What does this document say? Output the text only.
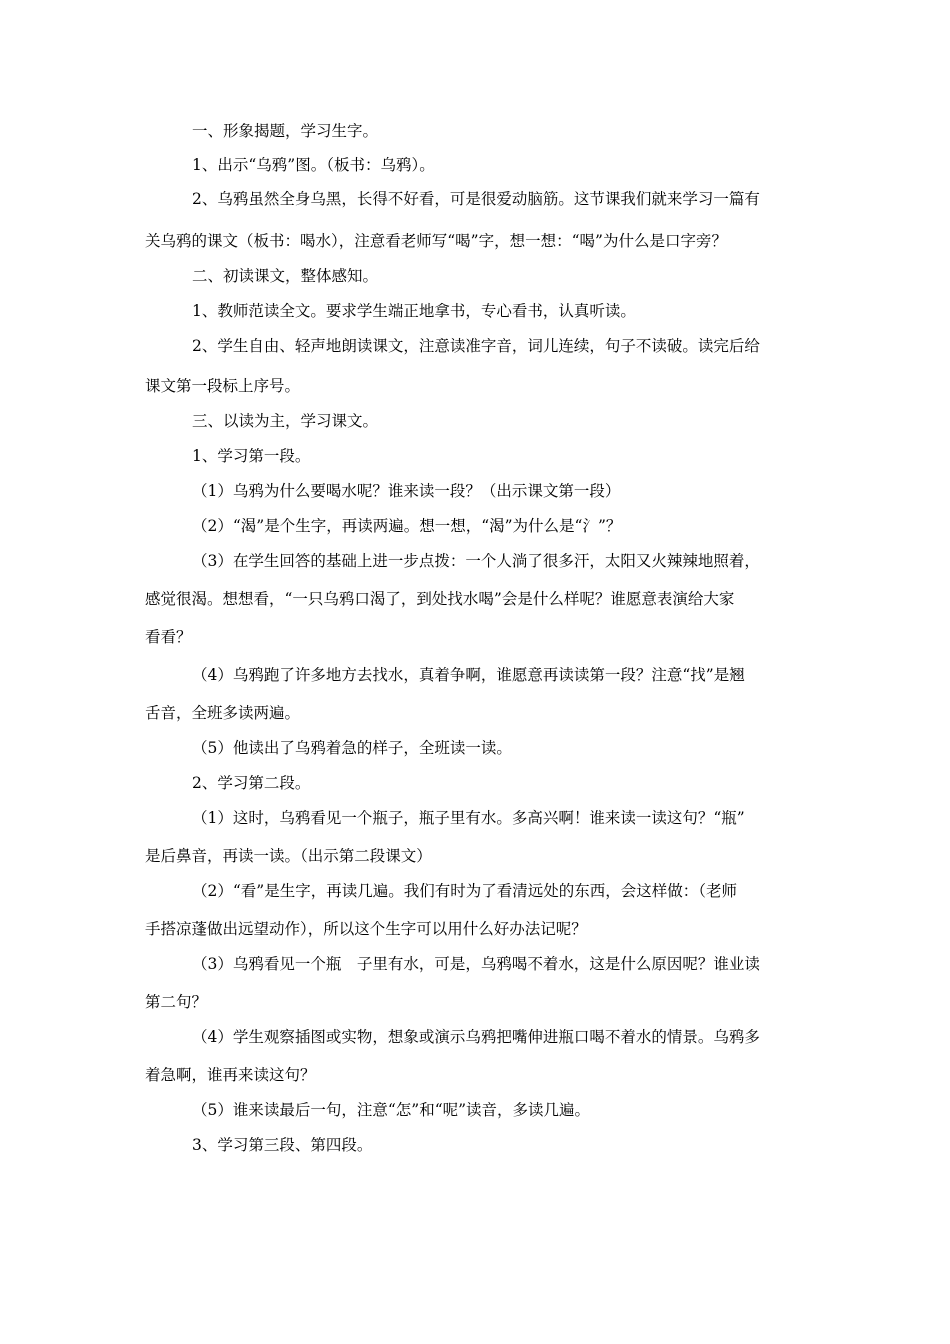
一、形象揭题，学习生字。

1、出示“乌鸦”图。（板书：乌鸦）。

2、乌鸦虽然全身乌黑，长得不好看，可是很爱动脑筋。这节课我们就来学习一篇有

关乌鸦的课文（板书：喝水），注意看老师写“喝”字，想一想：“喝”为什么是口字旁？

二、初读课文，整体感知。

1、教师范读全文。要求学生端正地拿书，专心看书，认真听读。

2、学生自由、轻声地朗读课文，注意读准字音，词儿连续，句子不读破。读完后给

课文第一段标上序号。

三、以读为主，学习课文。

1、学习第一段。

（1）乌鸦为什么要喝水呢？谁来读一段？（出示课文第一段）

（2）“渴”是个生字，再读两遍。想一想，“渴”为什么是“氵”？

（3）在学生回答的基础上进一步点拨：一个人淌了很多汗，太阳又火辣辣地照着，

感觉很渴。想想看，“一只乌鸦口渴了，到处找水喝”会是什么样呢？谁愿意表演给大家

看看？

（4）乌鸦跑了许多地方去找水，真着争啊，谁愿意再读读第一段？注意“找”是翘

舌音，全班多读两遍。

（5）他读出了乌鸦着急的样子，全班读一读。

2、学习第二段。

（1）这时，乌鸦看见一个瓶子，瓶子里有水。多高兴啊！谁来读一读这句？“瓶”

是后鼻音，再读一读。（出示第二段课文）

（2）“看”是生字，再读几遍。我们有时为了看清远处的东西，会这样做：（老师

手搭凉蓬做出远望动作），所以这个生字可以用什么好办法记呢？

（3）乌鸦看见一个瓶　子里有水，可是，乌鸦喝不着水，这是什么原因呢？谁业读

第二句？

（4）学生观察插图或实物，想象或演示乌鸦把嘴伸进瓶口喝不着水的情景。乌鸦多

着急啊，谁再来读这句？

（5）谁来读最后一句，注意“怎”和“呢”读音，多读几遍。

3、学习第三段、第四段。
